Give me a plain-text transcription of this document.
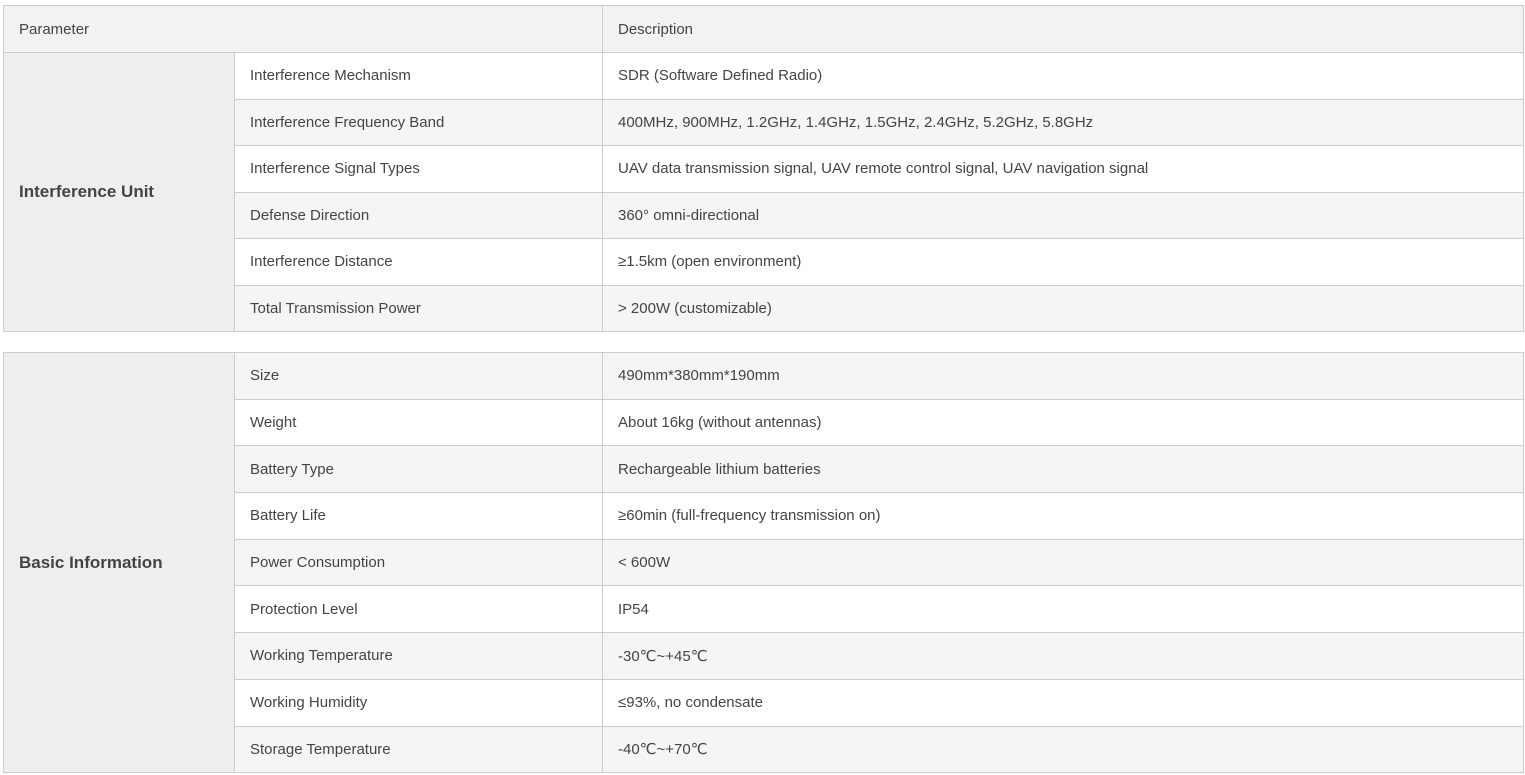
Parameter		Description
Interference Unit	Interference Mechanism	SDR (Software Defined Radio)
	Interference Frequency Band	400MHz, 900MHz, 1.2GHz, 1.4GHz, 1.5GHz, 2.4GHz, 5.2GHz, 5.8GHz
	Interference Signal Types	UAV data transmission signal, UAV remote control signal, UAV navigation signal
	Defense Direction	360° omni-directional
	Interference Distance	≥1.5km (open environment)
	Total Transmission Power	> 200W (customizable)
Basic Information	Size	490mm*380mm*190mm
	Weight	About 16kg (without antennas)
	Battery Type	Rechargeable lithium batteries
	Battery Life	≥60min (full-frequency transmission on)
	Power Consumption	< 600W
	Protection Level	IP54
	Working Temperature	-30℃~+45℃
	Working Humidity	≤93%, no condensate
	Storage Temperature	-40℃~+70℃
